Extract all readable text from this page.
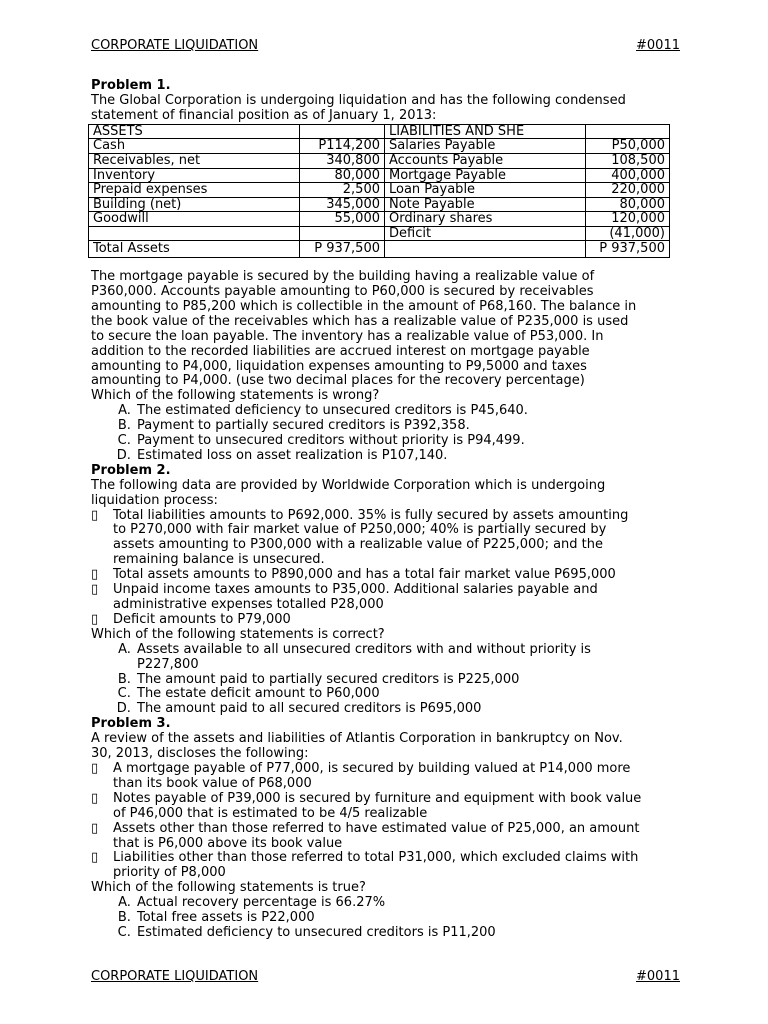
CORPORATE LIQUIDATION	#0011

Problem 1.

The Global Corporation is undergoing liquidation and has the following condensed statement of financial position as of January 1, 2013:

ASSETS		LIABILITIES AND SHE	
Cash	P114,200	Salaries Payable	P50,000
Receivables, net	340,800	Accounts Payable	108,500
Inventory	80,000	Mortgage Payable	400,000
Prepaid expenses	2,500	Loan Payable	220,000
Building (net)	345,000	Note Payable	80,000
Goodwill	55,000	Ordinary shares	120,000
		Deficit	(41,000)
Total Assets	P 937,500		P 937,500

The mortgage payable is secured by the building having a realizable value of

P360,000. Accounts payable amounting to P60,000 is secured by receivables

amounting to P85,200 which is collectible in the amount of P68,160. The balance in

the book value of the receivables which has a realizable value of P235,000 is used

to secure the loan payable. The inventory has a realizable value of P53,000. In

addition to the recorded liabilities are accrued interest on mortgage payable

amounting to P4,000, liquidation expenses amounting to P9,5000 and taxes

amounting to P4,000. (use two decimal places for the recovery percentage)

Which of the following statements is wrong?

A. The estimated deficiency to unsecured creditors is P45,640.
B. Payment to partially secured creditors is P392,358.
C. Payment to unsecured creditors without priority is P94,499.
D. Estimated loss on asset realization is P107,140.

Problem 2.

The following data are provided by Worldwide Corporation which is undergoing

liquidation process:

▯ Total liabilities amounts to P692,000. 35% is fully secured by assets amounting
to P270,000 with fair market value of P250,000; 40% is partially secured by
assets amounting to P300,000 with a realizable value of P225,000; and the
remaining balance is unsecured.
▯ Total assets amounts to P890,000 and has a total fair market value P695,000
▯ Unpaid income taxes amounts to P35,000. Additional salaries payable and
administrative expenses totalled P28,000
▯ Deficit amounts to P79,000

Which of the following statements is correct?

A. Assets available to all unsecured creditors with and without priority is
P227,800
B. The amount paid to partially secured creditors is P225,000
C. The estate deficit amount to P60,000
D. The amount paid to all secured creditors is P695,000

Problem 3.

A review of the assets and liabilities of Atlantis Corporation in bankruptcy on Nov.

30, 2013, discloses the following:

▯ A mortgage payable of P77,000, is secured by building valued at P14,000 more
than its book value of P68,000
▯ Notes payable of P39,000 is secured by furniture and equipment with book value
of P46,000 that is estimated to be 4/5 realizable
▯ Assets other than those referred to have estimated value of P25,000, an amount
that is P6,000 above its book value
▯ Liabilities other than those referred to total P31,000, which excluded claims with
priority of P8,000

Which of the following statements is true?

A. Actual recovery percentage is 66.27%
B. Total free assets is P22,000
C. Estimated deficiency to unsecured creditors is P11,200
CORPORATE LIQUIDATION	#0011
